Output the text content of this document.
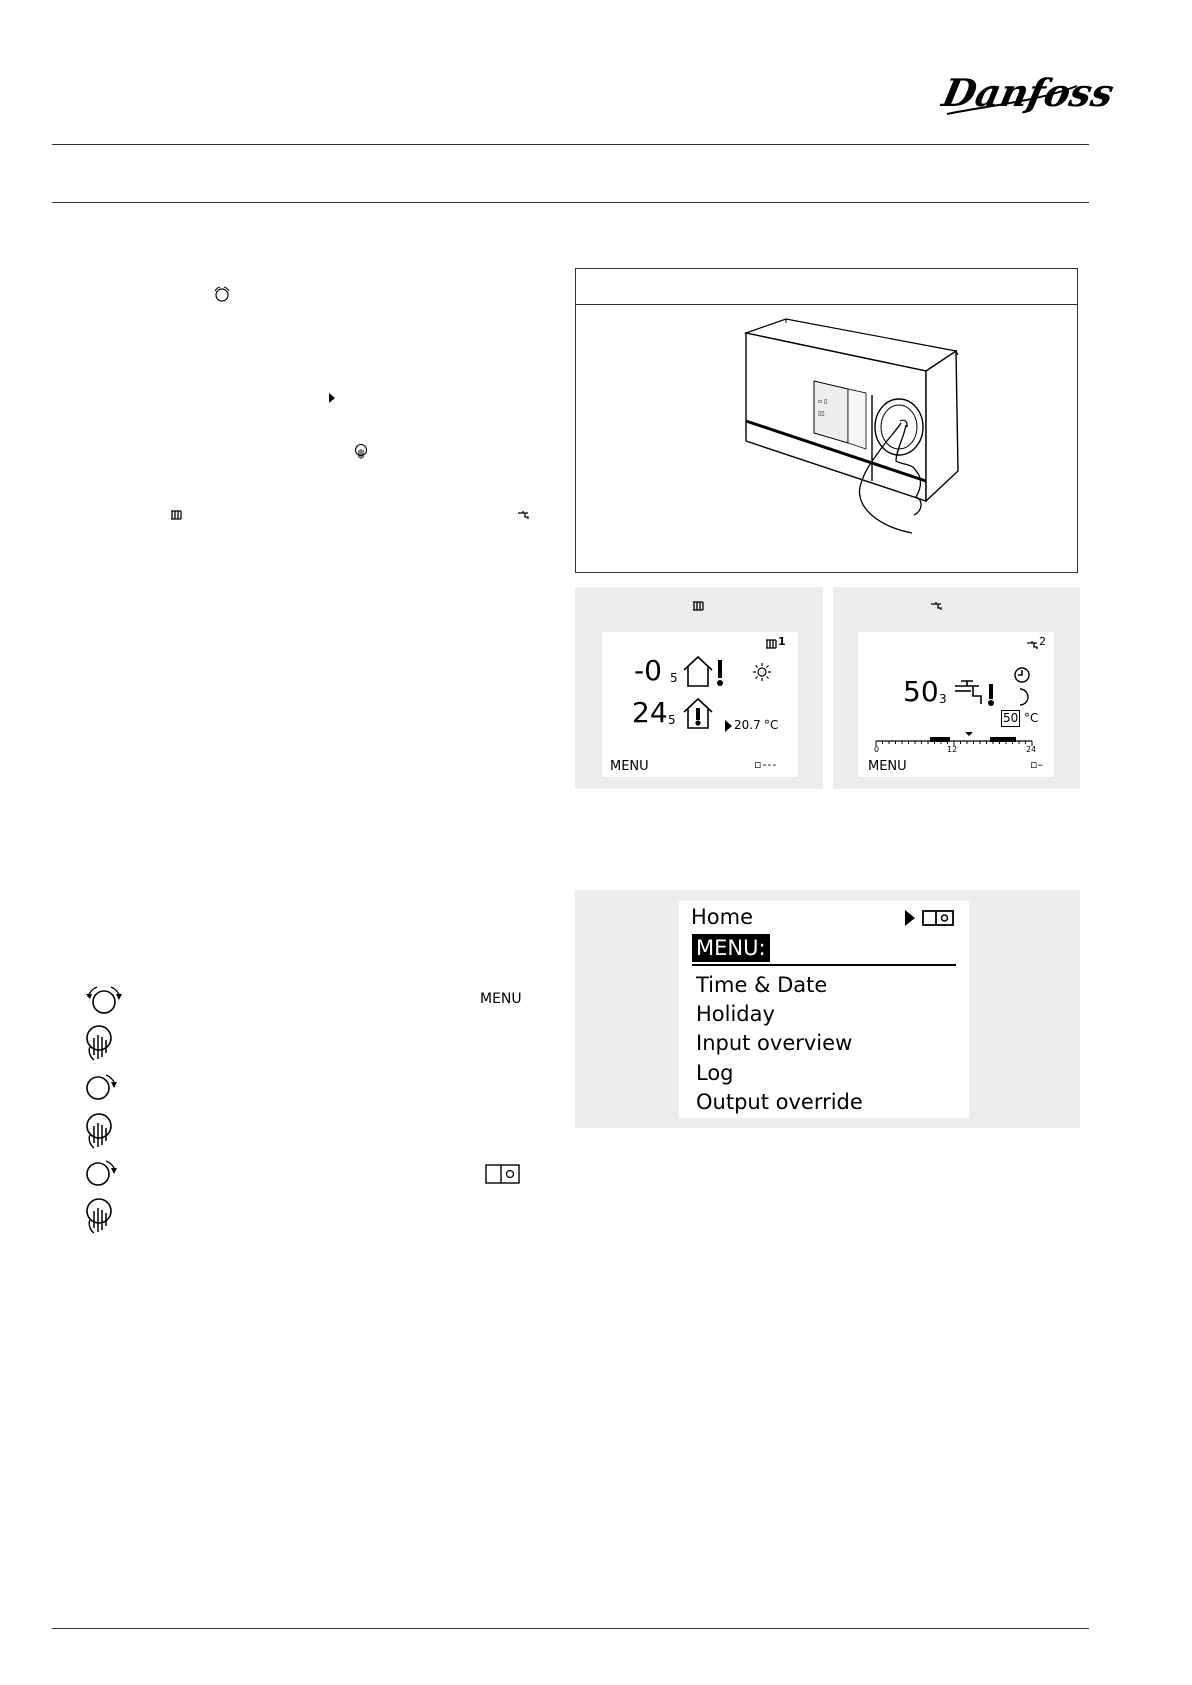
Danfoss
▫ ▯
▯▯
1
-0 5
24 5	20.7 °C
MENU	▫---
2
50 3
50 °C
0	12	24
MENU	▫–
MENU
Home
MENU:
Time & Date
Holiday
Input overview
Log
Output override
